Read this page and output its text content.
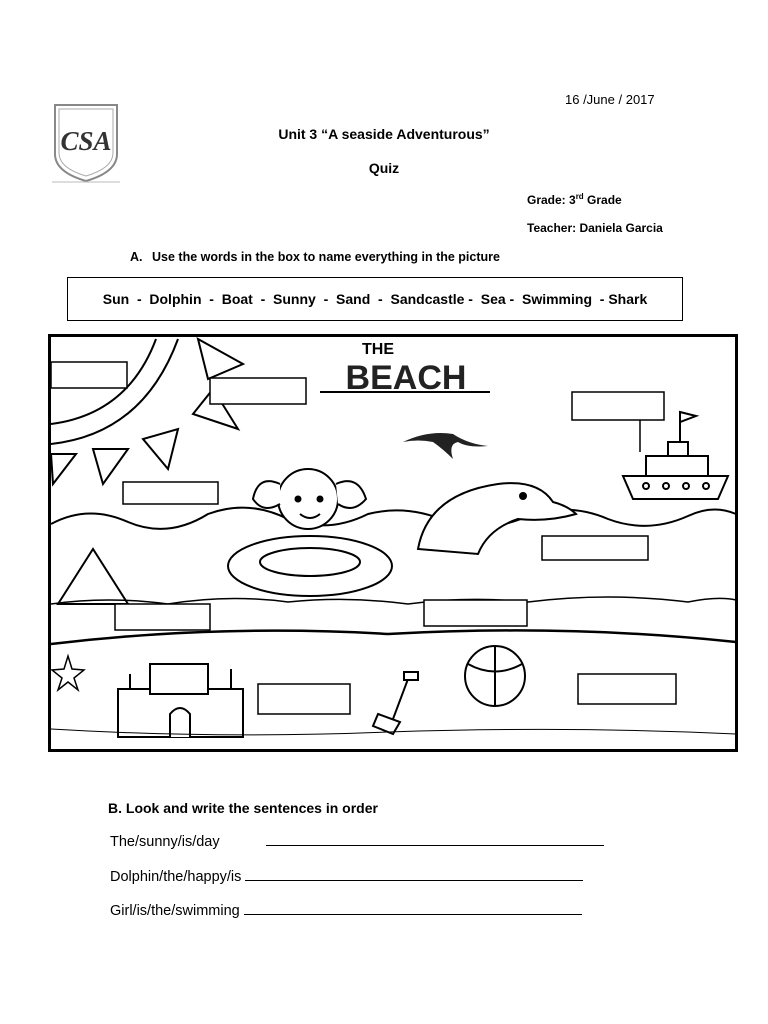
16 /June / 2017
CSA	Unit 3 “A seaside Adventurous”
Quiz
Grade: 3rd Grade
Teacher: Daniela Garcia
A. Use the words in the box to name everything in the picture
Sun  -  Dolphin  -  Boat  -  Sunny  -  Sand  -  Sandcastle -  Sea -  Swimming  - Shark
THE
BEACH
B. Look and write the sentences in order
The/sunny/is/day
Dolphin/the/happy/is
Girl/is/the/swimming
